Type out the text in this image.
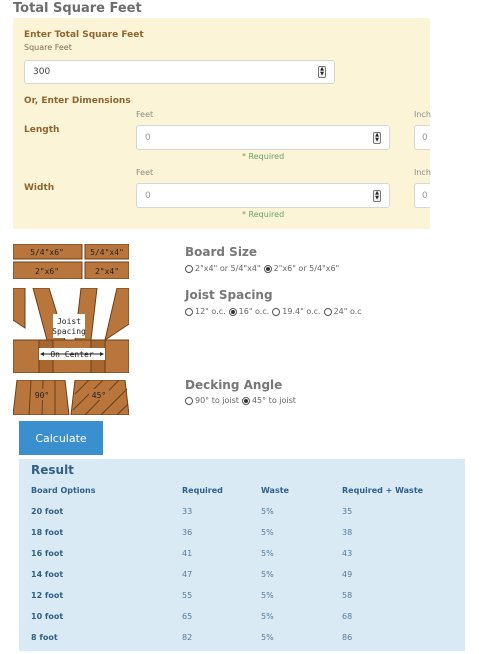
Total Square Feet
Enter Total Square Feet
Square Feet
300	▲
▼
Or, Enter Dimensions
Feet	Inch
Length
0	▲
▼	0
* Required
Feet	Inch
Width
0	▲
▼	0
* Required
5/4"x6"	5/4"x4"
2"x6"	2"x4"
Board Size
2"x4" or 5/4"x4" 2"x6" or 5/4"x6"
Joist
Spacing
On Center
Joist Spacing
12" o.c. 16" o.c. 19.4" o.c. 24" o.c
90°	45°
Decking Angle
90° to joist 45° to joist
Calculate
Result
Board Options	Required	Waste	Required + Waste
20 foot	33	5%	35
18 foot	36	5%	38
16 foot	41	5%	43
14 foot	47	5%	49
12 foot	55	5%	58
10 foot	65	5%	68
8 foot	82	5%	86
